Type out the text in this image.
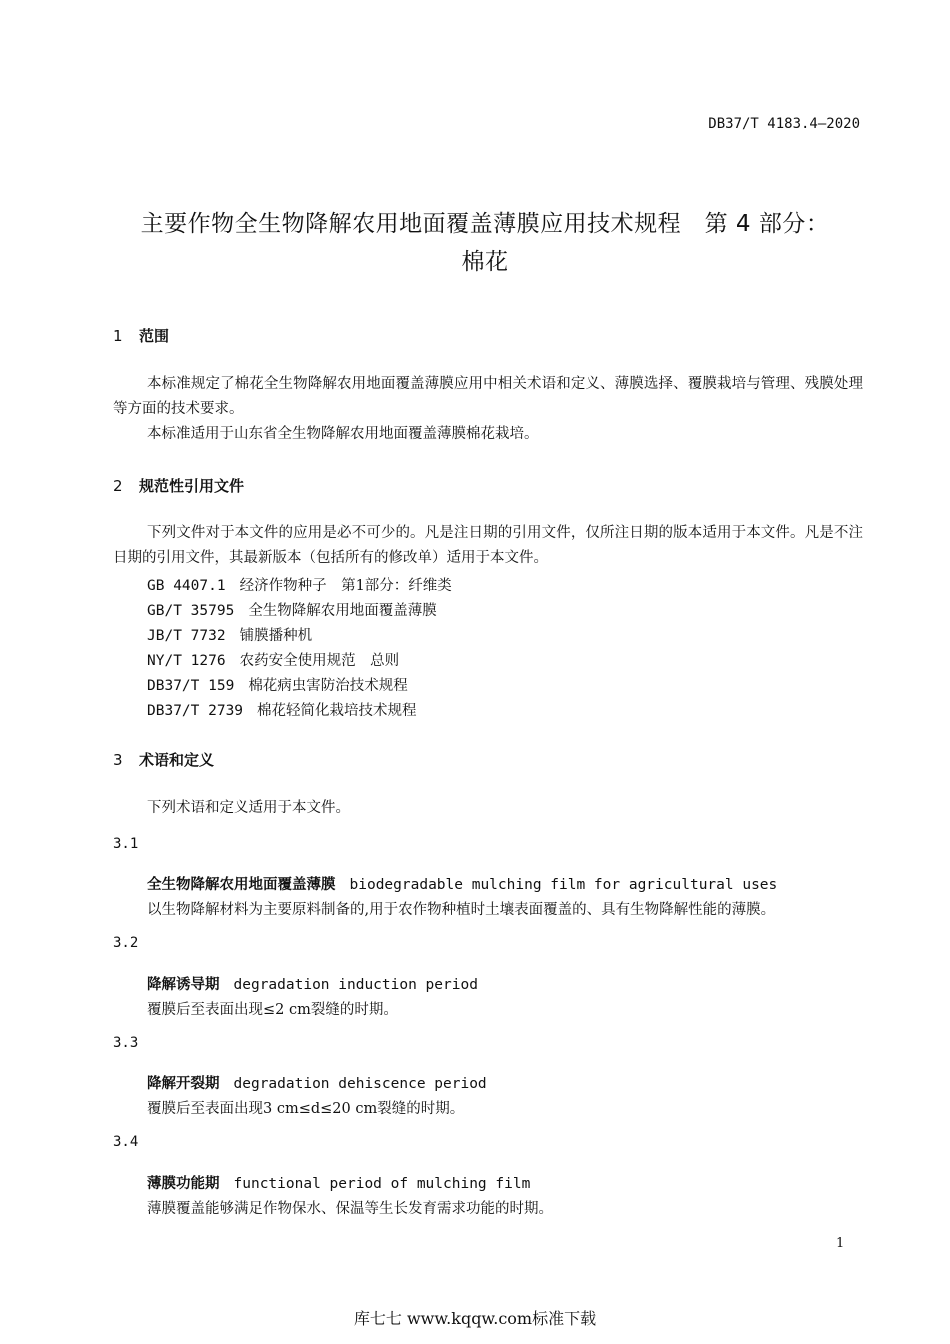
DB37/T 4183.4—2020
主要作物全生物降解农用地面覆盖薄膜应用技术规程　第 4 部分：
棉花
1 范围
本标准规定了棉花全生物降解农用地面覆盖薄膜应用中相关术语和定义、薄膜选择、覆膜栽培与管理、残膜处理等方面的技术要求。
本标准适用于山东省全生物降解农用地面覆盖薄膜棉花栽培。
2 规范性引用文件
下列文件对于本文件的应用是必不可少的。凡是注日期的引用文件，仅所注日期的版本适用于本文件。凡是不注日期的引用文件，其最新版本（包括所有的修改单）适用于本文件。
GB 4407.1 经济作物种子　第1部分：纤维类
GB/T 35795 全生物降解农用地面覆盖薄膜
JB/T 7732 铺膜播种机
NY/T 1276 农药安全使用规范　总则
DB37/T 159 棉花病虫害防治技术规程
DB37/T 2739 棉花轻简化栽培技术规程
3 术语和定义
下列术语和定义适用于本文件。
3.1
全生物降解农用地面覆盖薄膜 biodegradable mulching film for agricultural uses
以生物降解材料为主要原料制备的,用于农作物种植时土壤表面覆盖的、具有生物降解性能的薄膜。
3.2
降解诱导期 degradation induction period
覆膜后至表面出现≤2 cm裂缝的时期。
3.3
降解开裂期 degradation dehiscence period
覆膜后至表面出现3 cm≤d≤20 cm裂缝的时期。
3.4
薄膜功能期 functional period of mulching film
薄膜覆盖能够满足作物保水、保温等生长发育需求功能的时期。
1
库七七 www.kqqw.com标准下载
